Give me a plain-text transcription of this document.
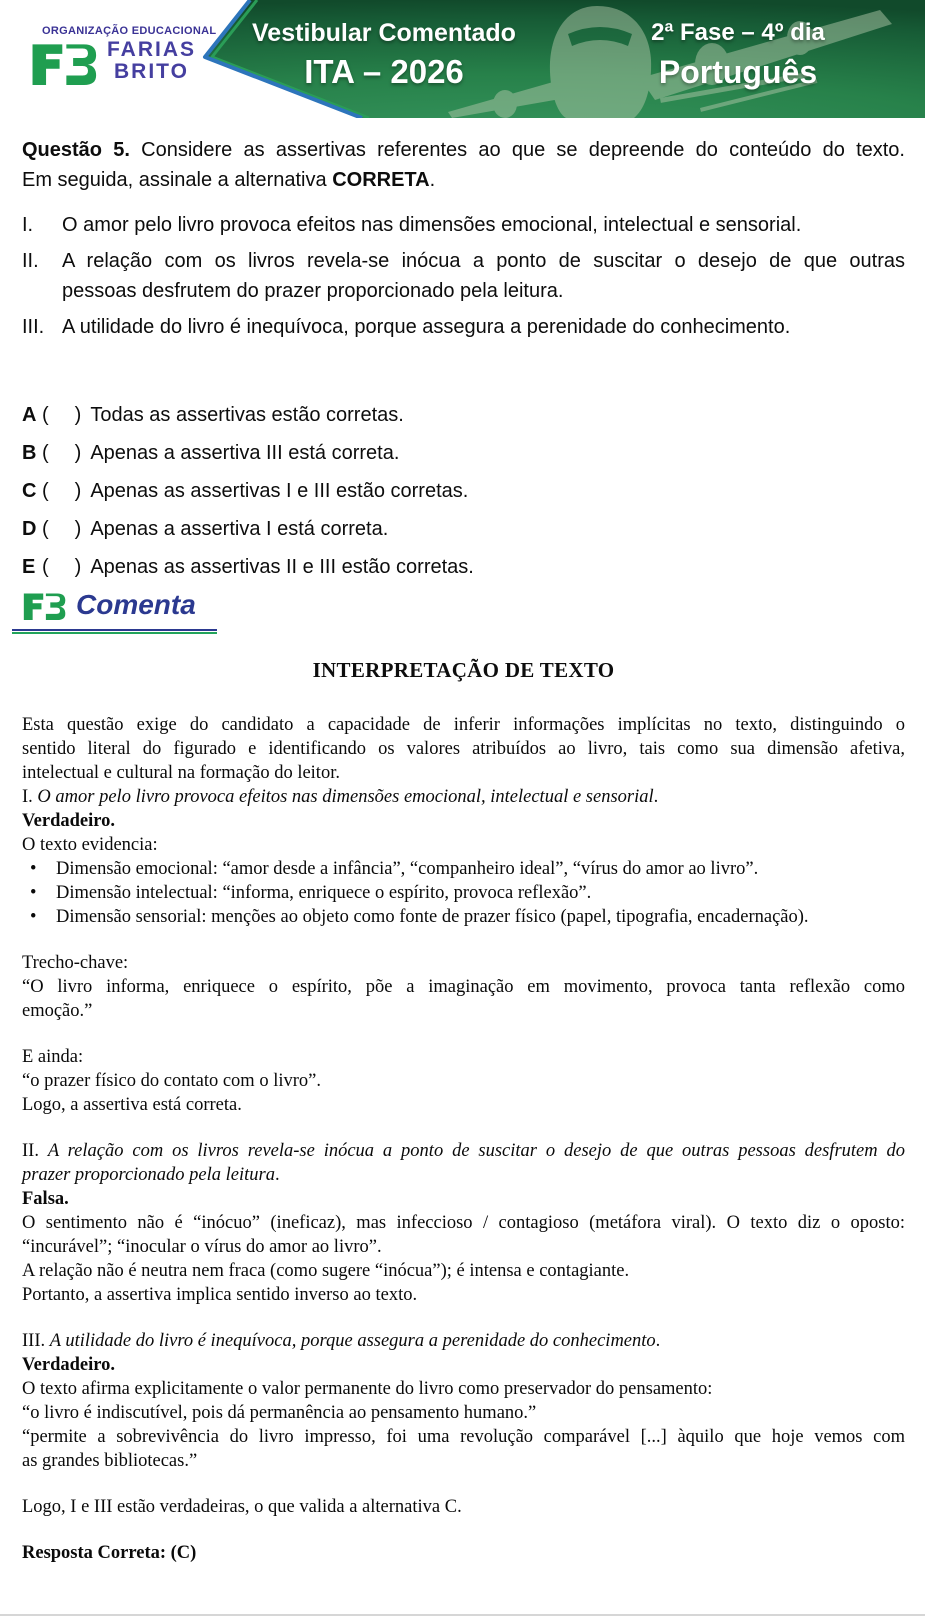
ORGANIZAÇÃO EDUCACIONAL
FARIAS
BRITO
Vestibular Comentado
ITA – 2026
2ª Fase – 4º dia
Português
Questão 5. Considere as assertivas referentes ao que se depreende do conteúdo do texto.
Em seguida, assinale a alternativa CORRETA.
I.	O amor pelo livro provoca efeitos nas dimensões emocional, intelectual e sensorial.
II.	A relação com os livros revela-se inócua a ponto de suscitar o desejo de que outras
pessoas desfrutem do prazer proporcionado pela leitura.
III. A utilidade do livro é inequívoca, porque assegura a perenidade do conhecimento.
A ( ) Todas as assertivas estão corretas.
B ( ) Apenas a assertiva III está correta.
C ( ) Apenas as assertivas I e III estão corretas.
D ( ) Apenas a assertiva I está correta.
E ( ) Apenas as assertivas II e III estão corretas.
Comenta
INTERPRETAÇÃO DE TEXTO
Esta questão exige do candidato a capacidade de inferir informações implícitas no texto, distinguindo o
sentido literal do figurado e identificando os valores atribuídos ao livro, tais como sua dimensão afetiva,
intelectual e cultural na formação do leitor.
I. O amor pelo livro provoca efeitos nas dimensões emocional, intelectual e sensorial.
Verdadeiro.
O texto evidencia:
•	Dimensão emocional: “amor desde a infância”, “companheiro ideal”, “vírus do amor ao livro”.
•	Dimensão intelectual: “informa, enriquece o espírito, provoca reflexão”.
•	Dimensão sensorial: menções ao objeto como fonte de prazer físico (papel, tipografia, encadernação).
Trecho-chave:
“O livro informa, enriquece o espírito, põe a imaginação em movimento, provoca tanta reflexão como
emoção.”
E ainda:
“o prazer físico do contato com o livro”.
Logo, a assertiva está correta.
II. A relação com os livros revela-se inócua a ponto de suscitar o desejo de que outras pessoas desfrutem do
prazer proporcionado pela leitura.
Falsa.
O sentimento não é “inócuo” (ineficaz), mas infeccioso / contagioso (metáfora viral). O texto diz o oposto:
“incurável”; “inocular o vírus do amor ao livro”.
A relação não é neutra nem fraca (como sugere “inócua”); é intensa e contagiante.
Portanto, a assertiva implica sentido inverso ao texto.
III. A utilidade do livro é inequívoca, porque assegura a perenidade do conhecimento.
Verdadeiro.
O texto afirma explicitamente o valor permanente do livro como preservador do pensamento:
“o livro é indiscutível, pois dá permanência ao pensamento humano.”
“permite a sobrevivência do livro impresso, foi uma revolução comparável [...] àquilo que hoje vemos com
as grandes bibliotecas.”
Logo, I e III estão verdadeiras, o que valida a alternativa C.
Resposta Correta: (C)
